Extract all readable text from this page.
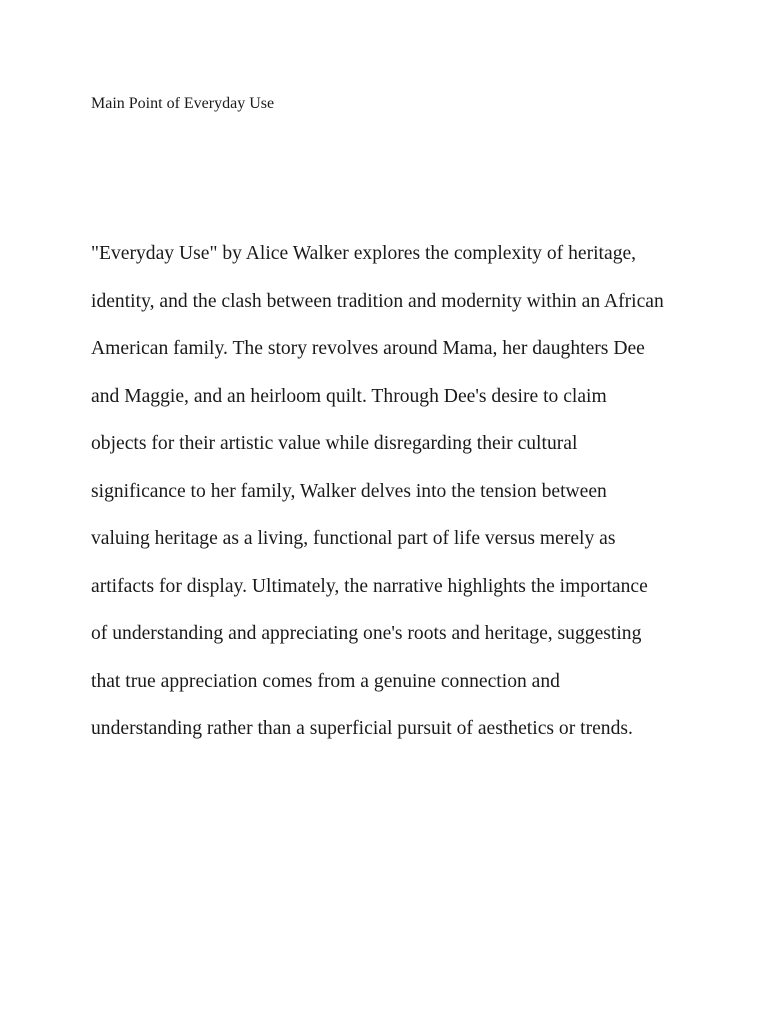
Main Point of Everyday Use
"Everyday Use" by Alice Walker explores the complexity of heritage,
identity, and the clash between tradition and modernity within an African
American family. The story revolves around Mama, her daughters Dee
and Maggie, and an heirloom quilt. Through Dee's desire to claim
objects for their artistic value while disregarding their cultural
significance to her family, Walker delves into the tension between
valuing heritage as a living, functional part of life versus merely as
artifacts for display. Ultimately, the narrative highlights the importance
of understanding and appreciating one's roots and heritage, suggesting
that true appreciation comes from a genuine connection and
understanding rather than a superficial pursuit of aesthetics or trends.
